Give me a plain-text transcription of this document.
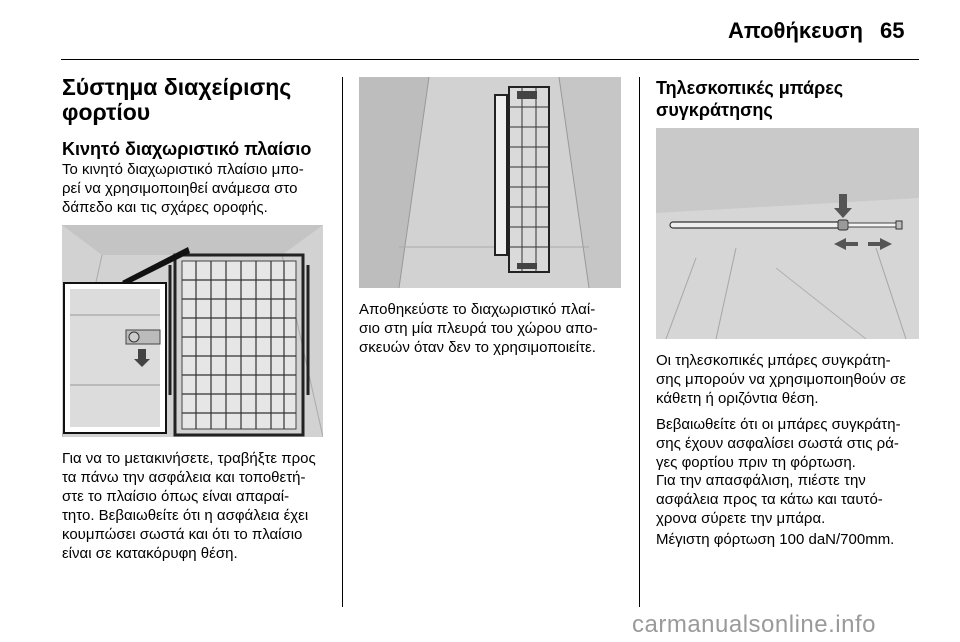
Αποθήκευση 65
Σύστημα διαχείρισης φορτίου
Κινητό διαχωριστικό πλαίσιο
Το κινητό διαχωριστικό πλαίσιο μπο-
ρεί να χρησιμοποιηθεί ανάμεσα στο
δάπεδο και τις σχάρες οροφής.
Για να το μετακινήσετε, τραβήξτε προς
τα πάνω την ασφάλεια και τοποθετή-
στε το πλαίσιο όπως είναι απαραί-
τητο. Βεβαιωθείτε ότι η ασφάλεια έχει
κουμπώσει σωστά και ότι το πλαίσιο
είναι σε κατακόρυφη θέση.
Αποθηκεύστε το διαχωριστικό πλαί-
σιο στη μία πλευρά του χώρου απο-
σκευών όταν δεν το χρησιμοποιείτε.
Τηλεσκοπικές μπάρες συγκράτησης
Οι τηλεσκοπικές μπάρες συγκράτη-
σης μπορούν να χρησιμοποιηθούν σε
κάθετη ή οριζόντια θέση.
Βεβαιωθείτε ότι οι μπάρες συγκράτη-
σης έχουν ασφαλίσει σωστά στις ρά-
γες φορτίου πριν τη φόρτωση.
Για την απασφάλιση, πιέστε την
ασφάλεια προς τα κάτω και ταυτό-
χρονα σύρετε την μπάρα.
Μέγιστη φόρτωση 100 daN/700mm.
carmanualsonline.info
